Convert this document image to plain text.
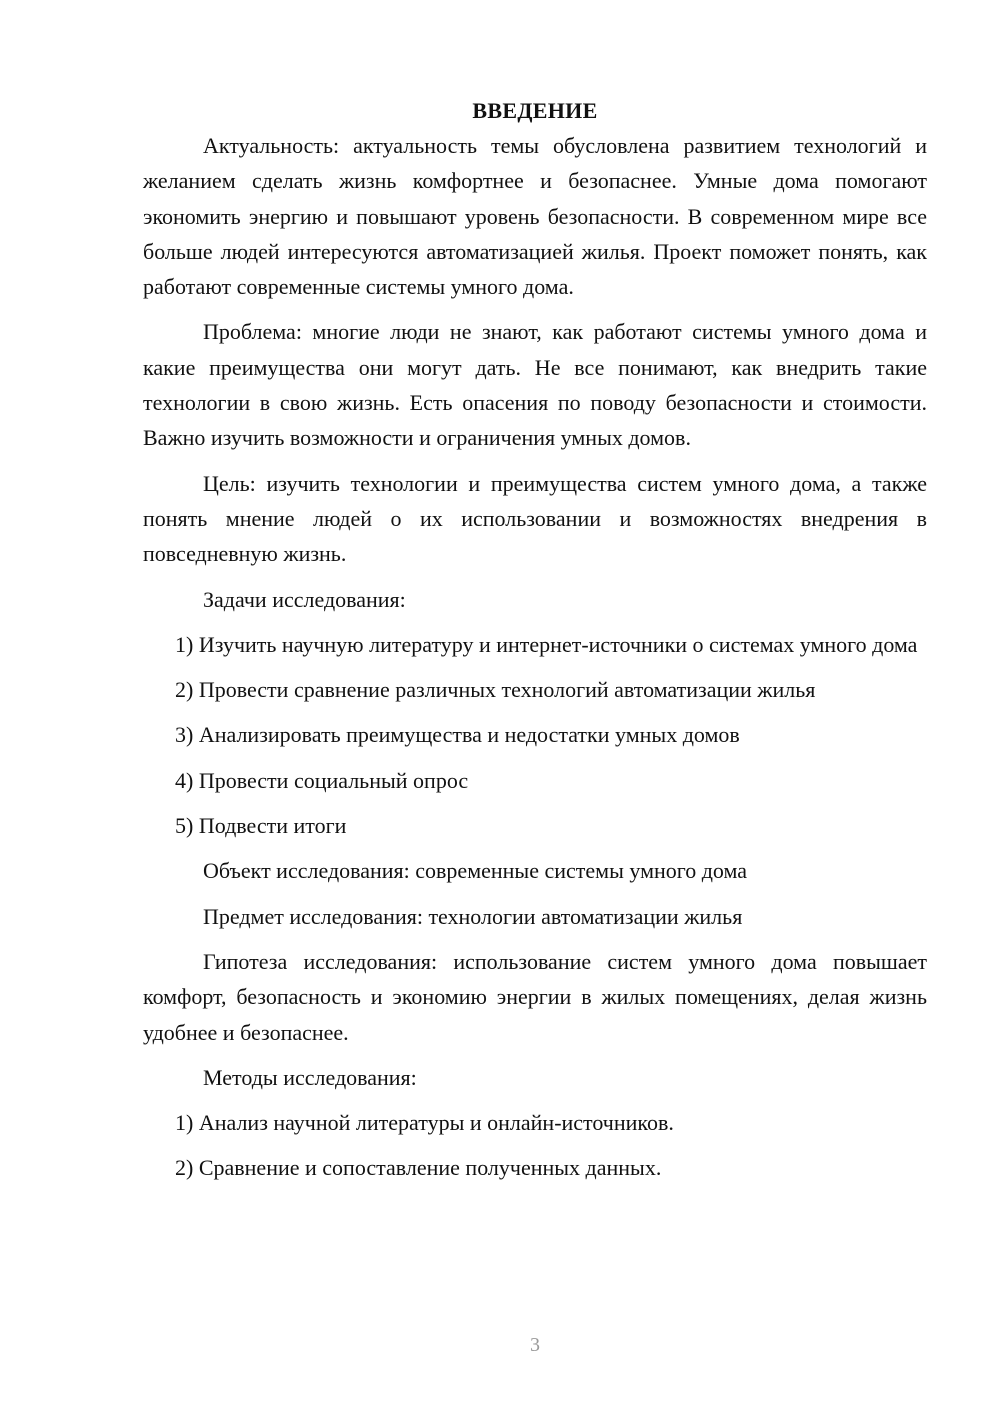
ВВЕДЕНИЕ

Актуальность: актуальность темы обусловлена развитием технологий и желанием сделать жизнь комфортнее и безопаснее. Умные дома помогают экономить энергию и повышают уровень безопасности. В современном мире все больше людей интересуются автоматизацией жилья. Проект поможет понять, как работают современные системы умного дома.

Проблема: многие люди не знают, как работают системы умного дома и какие преимущества они могут дать. Не все понимают, как внедрить такие технологии в свою жизнь. Есть опасения по поводу безопасности и стоимости. Важно изучить возможности и ограничения умных домов.

Цель: изучить технологии и преимущества систем умного дома, а также понять мнение людей о их использовании и возможностях внедрения в повседневную жизнь.

Задачи исследования:

1) Изучить научную литературу и интернет-источники о системах умного дома

2) Провести сравнение различных технологий автоматизации жилья

3) Анализировать преимущества и недостатки умных домов

4) Провести социальный опрос

5) Подвести итоги

Объект исследования: современные системы умного дома

Предмет исследования: технологии автоматизации жилья

Гипотеза исследования: использование систем умного дома повышает комфорт, безопасность и экономию энергии в жилых помещениях, делая жизнь удобнее и безопаснее.

Методы исследования:

1) Анализ научной литературы и онлайн-источников.

2) Сравнение и сопоставление полученных данных.

3
